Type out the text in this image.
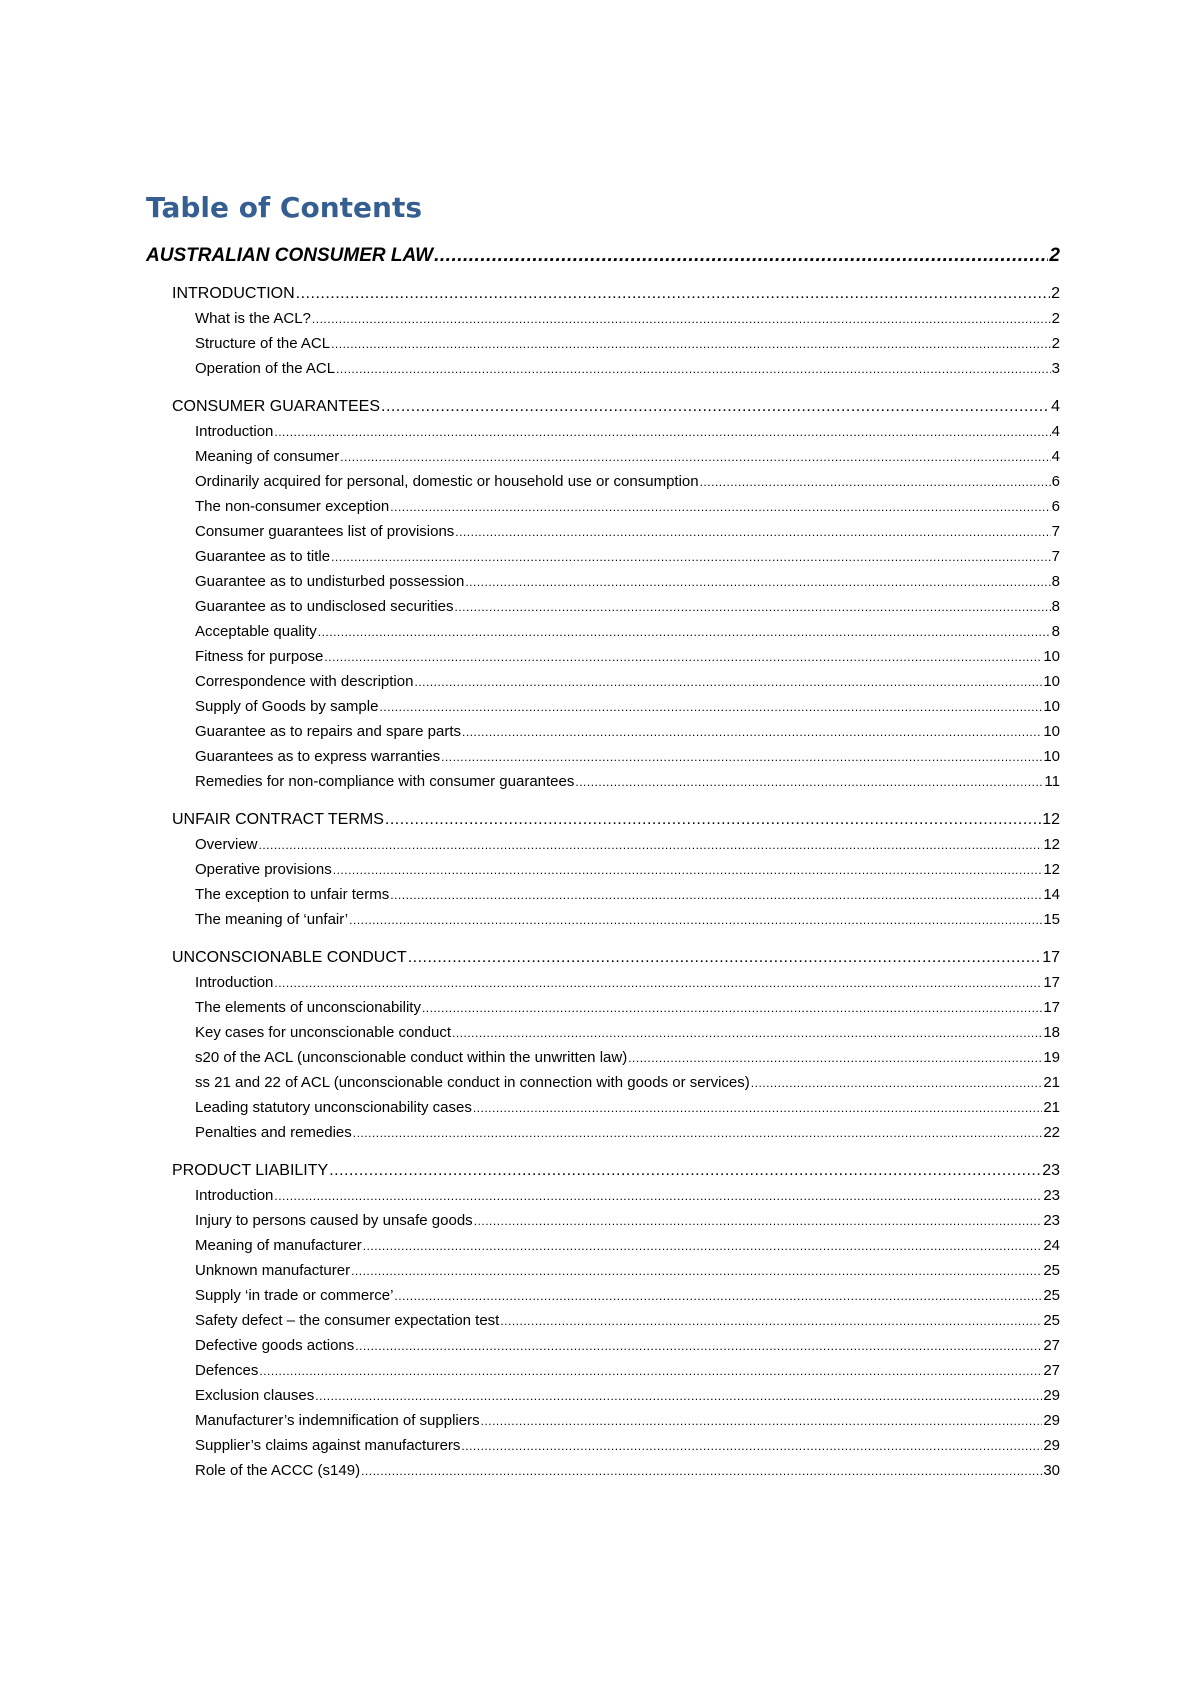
Table of Contents
AUSTRALIAN CONSUMER LAW .....	2
INTRODUCTION .....	2
What is the ACL? .....	2
Structure of the ACL .....	2
Operation of the ACL .....	3
CONSUMER GUARANTEES .....	4
Introduction .....	4
Meaning of consumer .....	4
Ordinarily acquired for personal, domestic or household use or consumption .....	6
The non-consumer exception .....	6
Consumer guarantees list of provisions .....	7
Guarantee as to title .....	7
Guarantee as to undisturbed possession .....	8
Guarantee as to undisclosed securities .....	8
Acceptable quality .....	8
Fitness for purpose .....	10
Correspondence with description .....	10
Supply of Goods by sample .....	10
Guarantee as to repairs and spare parts .....	10
Guarantees as to express warranties .....	10
Remedies for non-compliance with consumer guarantees .....	11
UNFAIR CONTRACT TERMS .....	12
Overview .....	12
Operative provisions .....	12
The exception to unfair terms .....	14
The meaning of ‘unfair’ .....	15
UNCONSCIONABLE CONDUCT .....	17
Introduction .....	17
The elements of unconscionability .....	17
Key cases for unconscionable conduct .....	18
s20 of the ACL (unconscionable conduct within the unwritten law) .....	19
ss 21 and 22 of ACL (unconscionable conduct in connection with goods or services) .....	21
Leading statutory unconscionability cases .....	21
Penalties and remedies .....	22
PRODUCT LIABILITY .....	23
Introduction .....	23
Injury to persons caused by unsafe goods .....	23
Meaning of manufacturer .....	24
Unknown manufacturer .....	25
Supply ‘in trade or commerce’ .....	25
Safety defect – the consumer expectation test .....	25
Defective goods actions .....	27
Defences .....	27
Exclusion clauses .....	29
Manufacturer’s indemnification of suppliers .....	29
Supplier’s claims against manufacturers .....	29
Role of the ACCC (s149) .....	30
